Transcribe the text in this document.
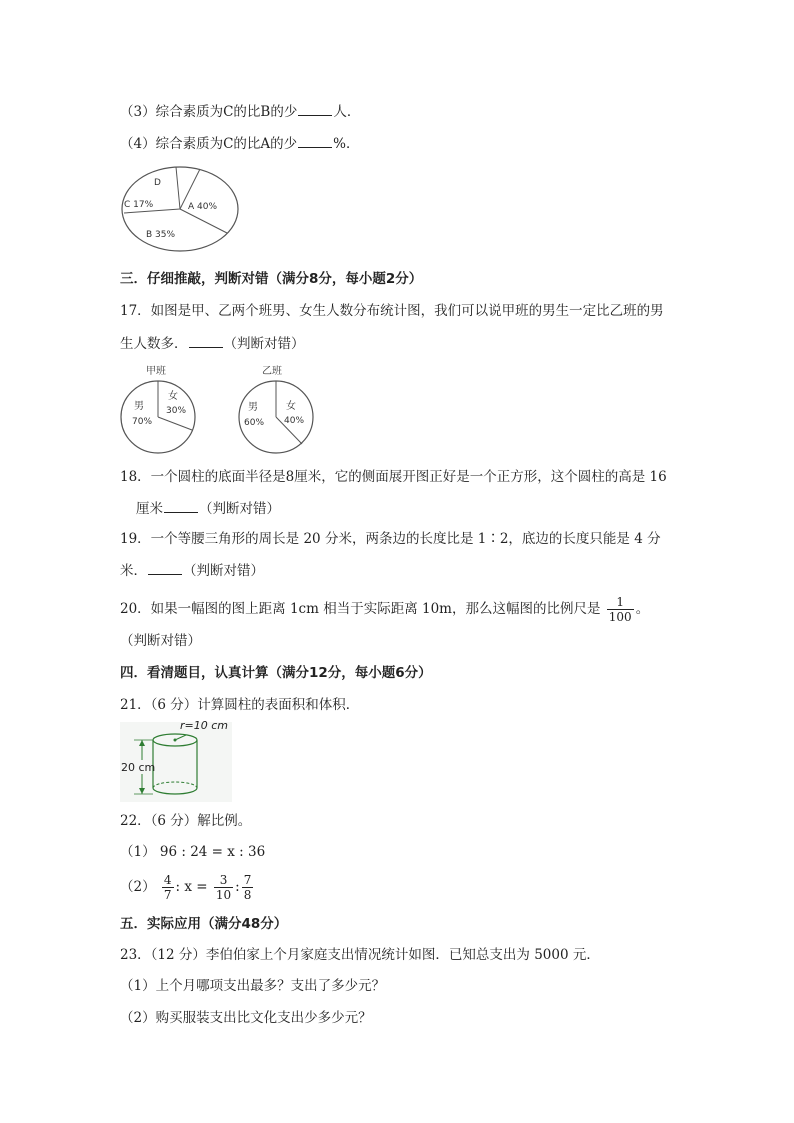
（3）综合素质为C的比B的少	人．
（4）综合素质为C的比A的少	%．
D
C 17%	A 40%
B 35%
三．仔细推敲，判断对错（满分8分，每小题2分）
17．如图是甲、乙两个班男、女生人数分布统计图，我们可以说甲班的男生一定比乙班的男
生人数多．	（判断对错）
甲班
男
70%
女
30%
乙班
男
60%
女
40%
18．一个圆柱的底面半径是8厘米，它的侧面展开图正好是一个正方形，这个圆柱的高是 16
厘米	（判断对错）
19．一个等腰三角形的周长是 20 分米，两条边的长度比是 1∶2，底边的长度只能是 4 分
米．	（判断对错）
20．如果一幅图的图上距离 1cm 相当于实际距离 10m，那么这幅图的比例尺是 $\frac{1}{100}$ 。
（判断对错）
四．看清题目，认真计算（满分12分，每小题6分）
21．（6 分）计算圆柱的表面积和体积．
r=10 cm
20 cm
22．（6 分）解比例。
（1） 96 : 24 = x : 36
$(2) \frac{4}{7}$ : $x = \frac{3}{10}$ : $\frac{7}{8}$
五．实际应用（满分48分）
23．（12 分）李伯伯家上个月家庭支出情况统计如图．已知总支出为 5000 元．
（1）上个月哪项支出最多？支出了多少元？
（2）购买服装支出比文化支出少多少元？
